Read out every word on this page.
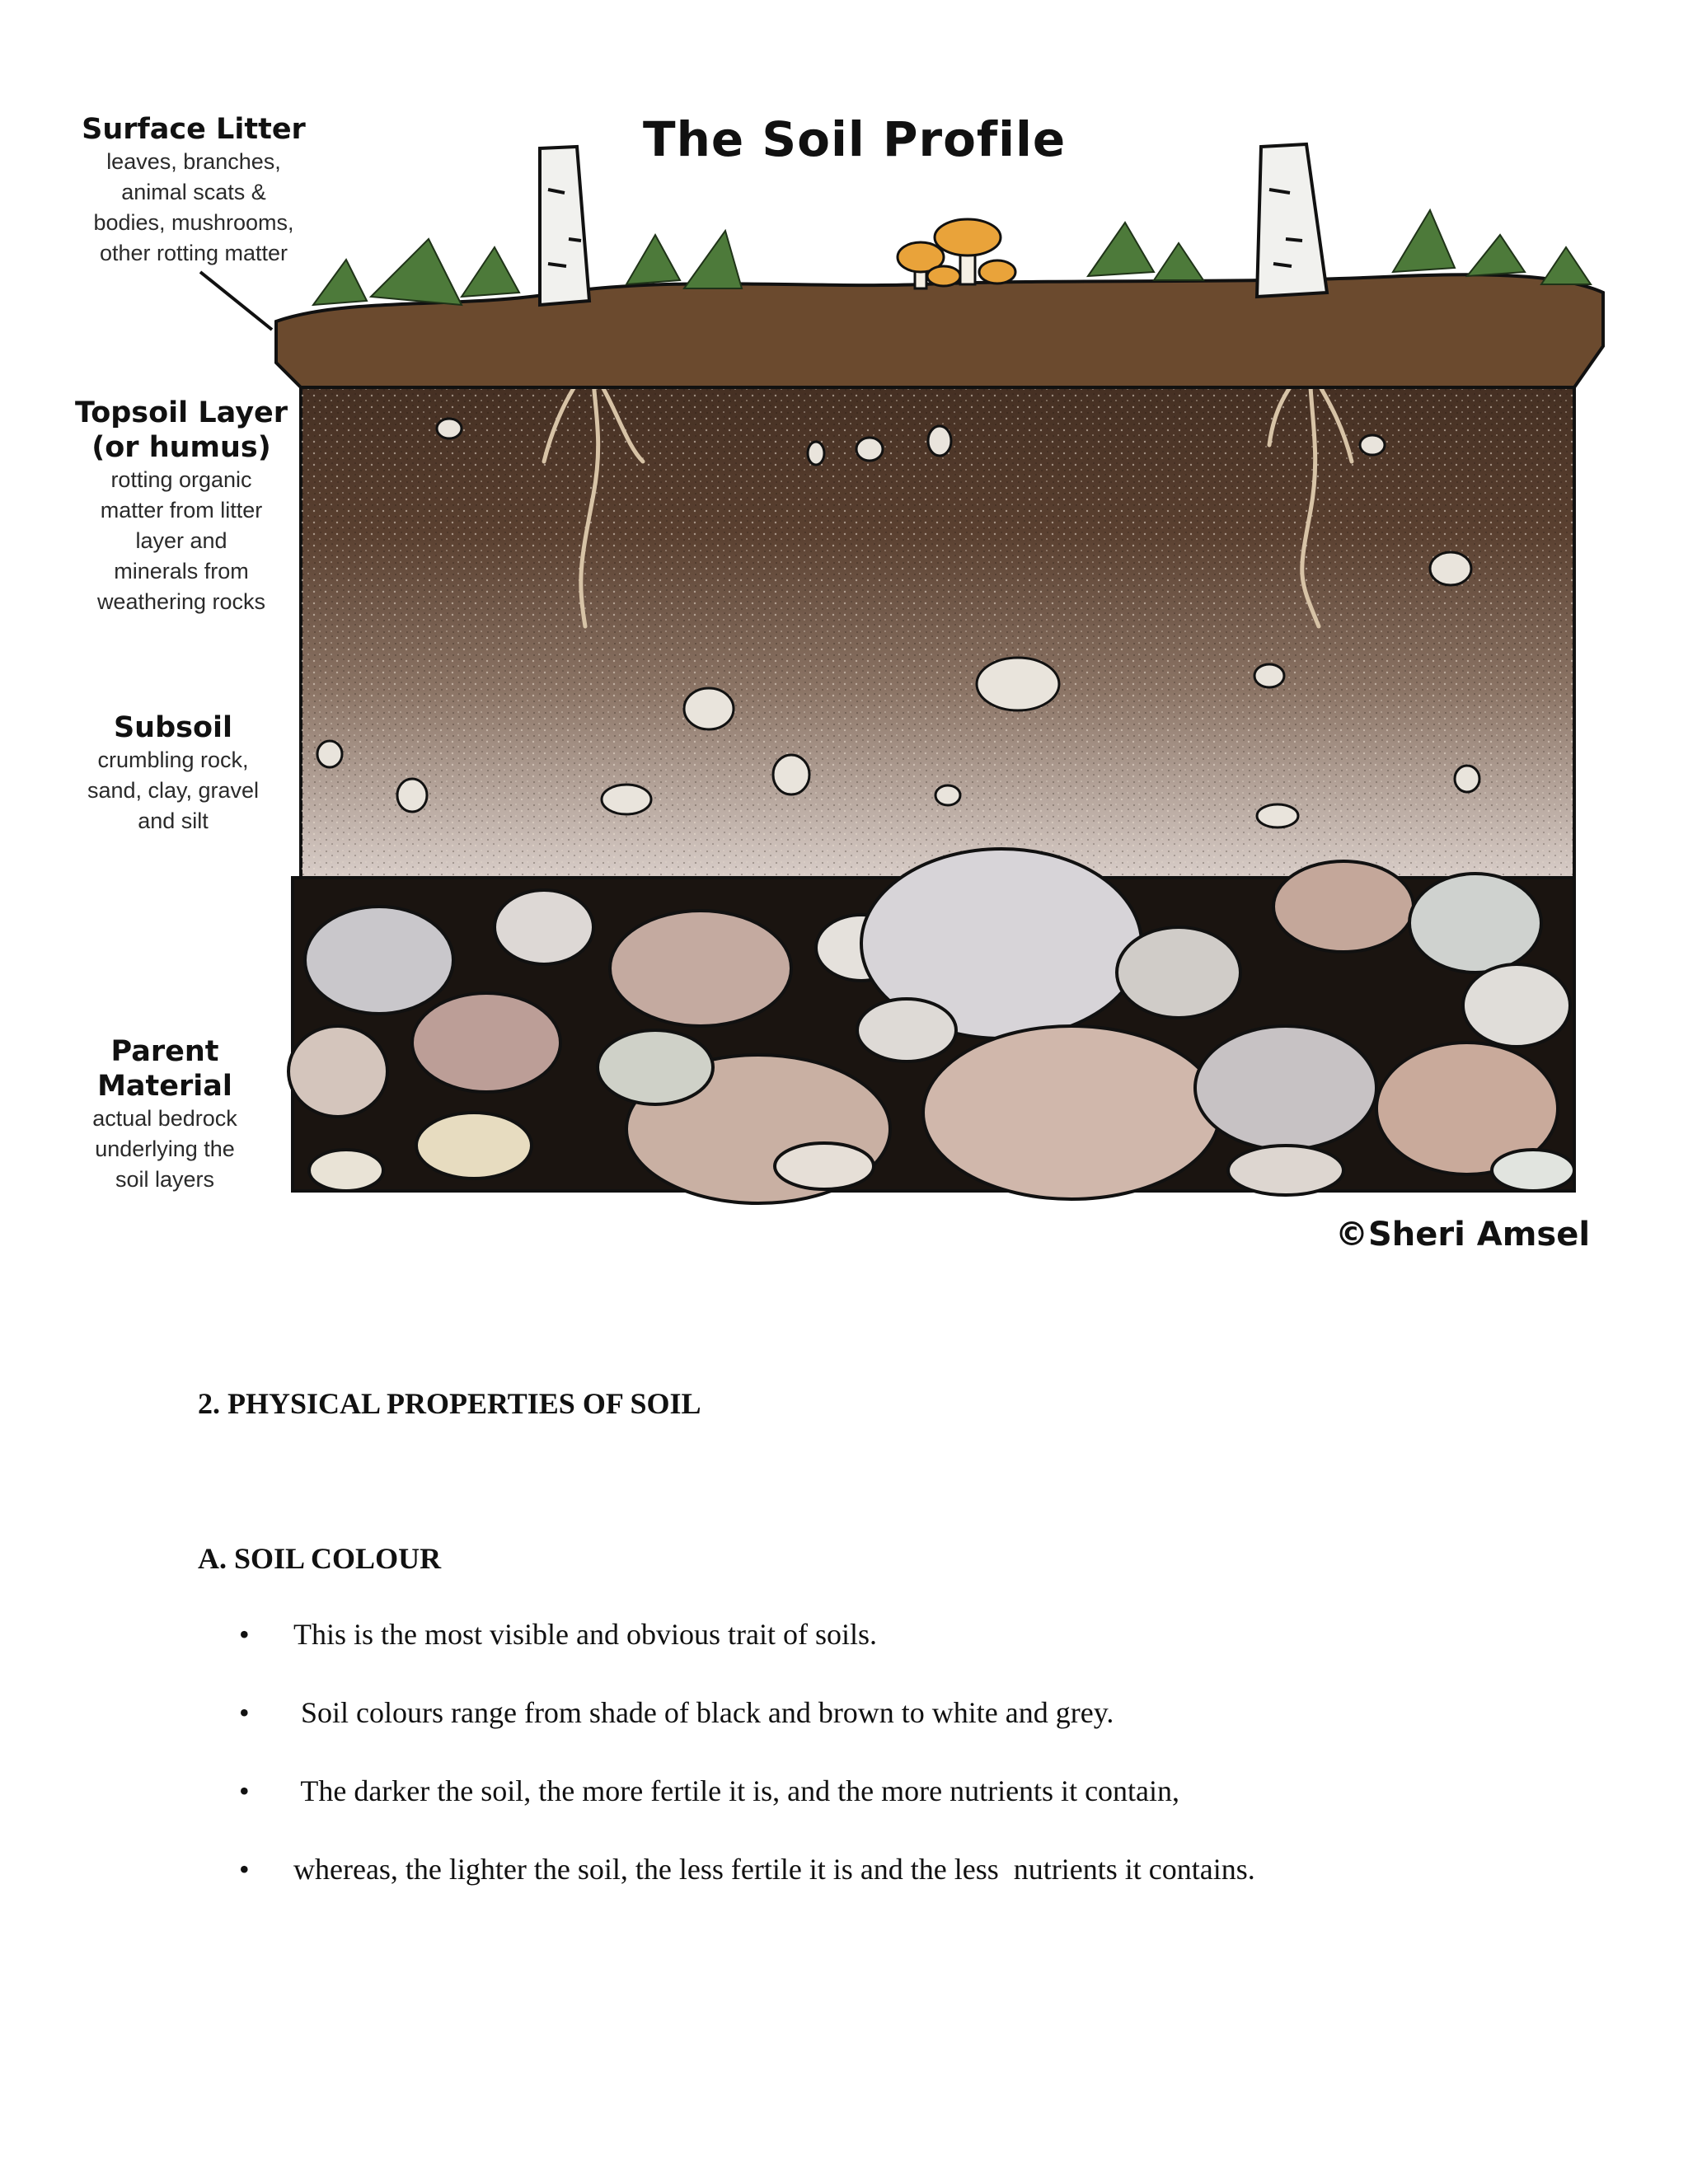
The Soil Profile
Surface Litter
leaves, branches,
animal scats &
bodies, mushrooms,
other rotting matter
Topsoil Layer
(or humus)
rotting organic
matter from litter
layer and
minerals from
weathering rocks
Subsoil
crumbling rock,
sand, clay, gravel
and silt
Parent
Material
actual bedrock
underlying the
soil layers
©Sheri Amsel
2. PHYSICAL PROPERTIES OF SOIL
A. SOIL COLOUR

•

	This is the most visible and obvious trait of soils.

•

	Soil colours range from shade of black and brown to white and grey.

•

	The darker the soil, the more fertile it is, and the more nutrients it contain,

•

	whereas, the lighter the soil, the less fertile it is and the less  nutrients it contains.
